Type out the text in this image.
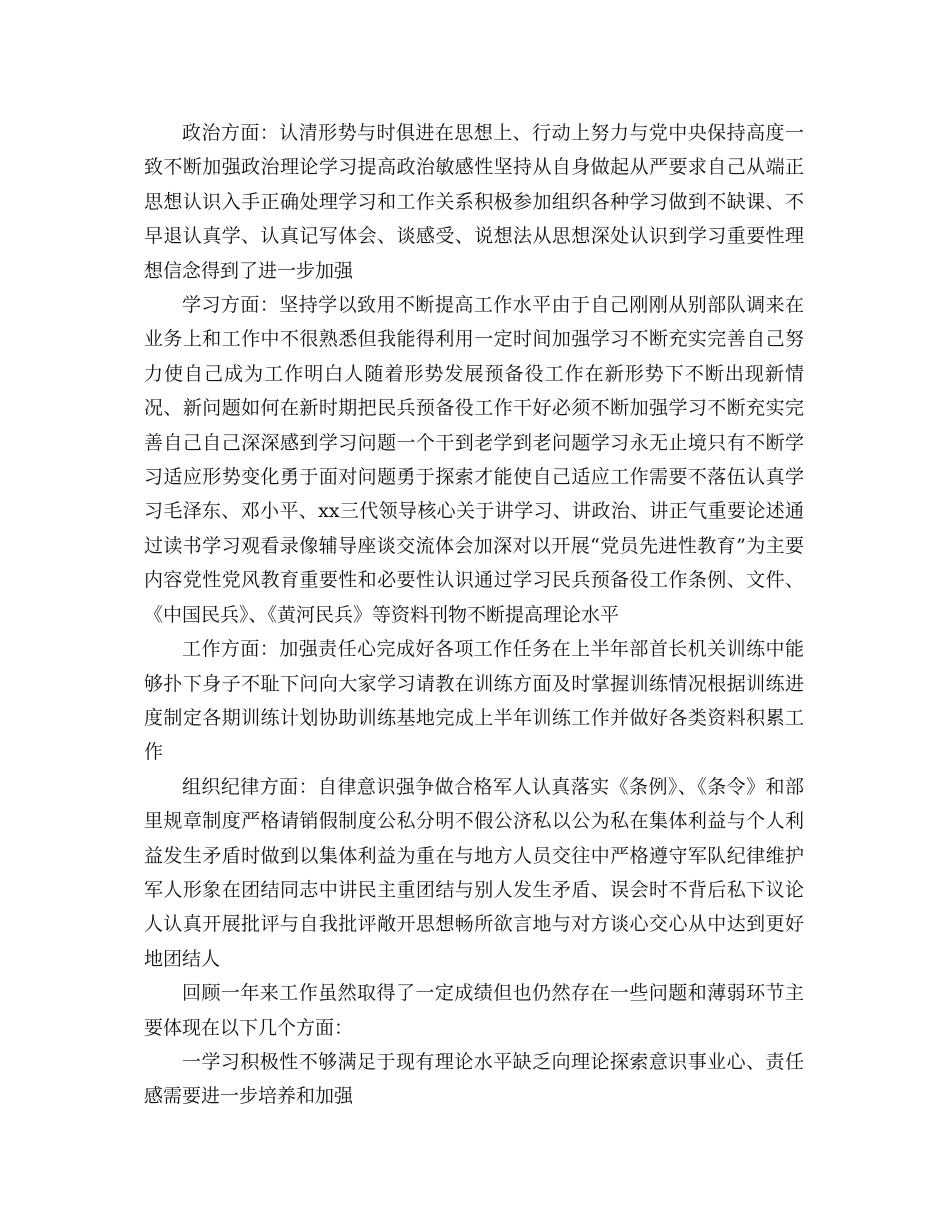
政治方面：认清形势与时俱进在思想上、行动上努力与党中央保持高度一致不断加强政治理论学习提高政治敏感性坚持从自身做起从严要求自己从端正思想认识入手正确处理学习和工作关系积极参加组织各种学习做到不缺课、不早退认真学、认真记写体会、谈感受、说想法从思想深处认识到学习重要性理想信念得到了进一步加强

学习方面：坚持学以致用不断提高工作水平由于自己刚刚从别部队调来在业务上和工作中不很熟悉但我能得利用一定时间加强学习不断充实完善自己努力使自己成为工作明白人随着形势发展预备役工作在新形势下不断出现新情况、新问题如何在新时期把民兵预备役工作干好必须不断加强学习不断充实完善自己自己深深感到学习问题一个干到老学到老问题学习永无止境只有不断学习适应形势变化勇于面对问题勇于探索才能使自己适应工作需要不落伍认真学习毛泽东、邓小平、xx三代领导核心关于讲学习、讲政治、讲正气重要论述通过读书学习观看录像辅导座谈交流体会加深对以开展“党员先进性教育”为主要内容党性党风教育重要性和必要性认识通过学习民兵预备役工作条例、文件、《中国民兵》、《黄河民兵》等资料刊物不断提高理论水平

工作方面：加强责任心完成好各项工作任务在上半年部首长机关训练中能够扑下身子不耻下问向大家学习请教在训练方面及时掌握训练情况根据训练进度制定各期训练计划协助训练基地完成上半年训练工作并做好各类资料积累工作

组织纪律方面：自律意识强争做合格军人认真落实《条例》、《条令》和部里规章制度严格请销假制度公私分明不假公济私以公为私在集体利益与个人利益发生矛盾时做到以集体利益为重在与地方人员交往中严格遵守军队纪律维护军人形象在团结同志中讲民主重团结与别人发生矛盾、误会时不背后私下议论人认真开展批评与自我批评敞开思想畅所欲言地与对方谈心交心从中达到更好地团结人

回顾一年来工作虽然取得了一定成绩但也仍然存在一些问题和薄弱环节主要体现在以下几个方面：

一学习积极性不够满足于现有理论水平缺乏向理论探索意识事业心、责任感需要进一步培养和加强
